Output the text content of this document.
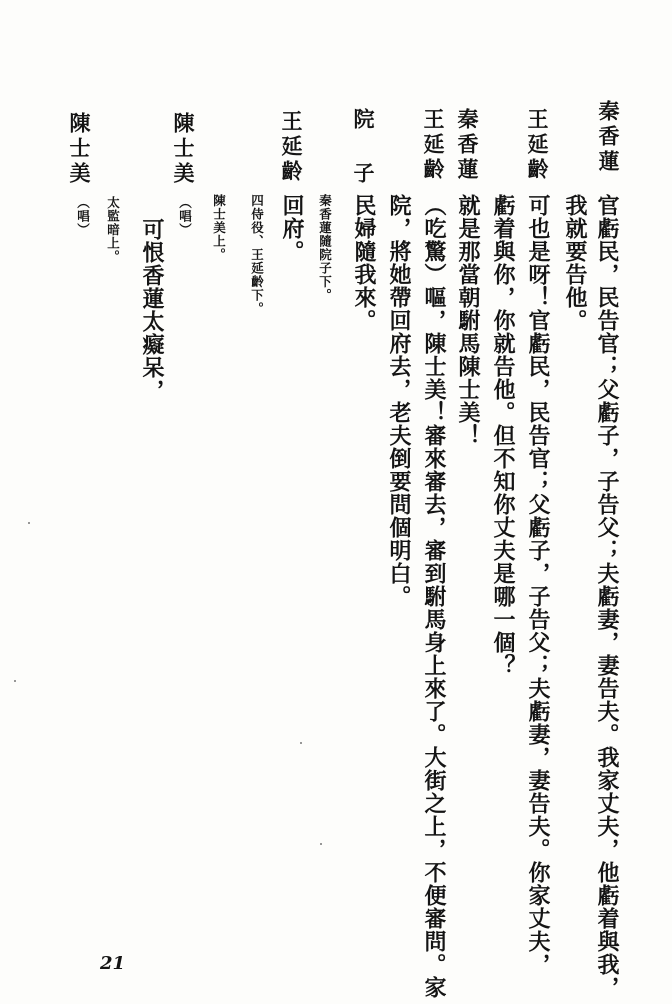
秦香蓮
官虧民，民告官；父虧子，子告父；夫虧妻，妻告夫。我家丈夫，他虧着與我，
我就要告他。
王延齡
可也是呀！官虧民，民告官；父虧子，子告父；夫虧妻，妻告夫。你家丈夫，
虧着與你，你就告他。但不知你丈夫是哪一個？
秦香蓮
就是那當朝駙馬陳士美！
王延齡
（吃驚）嘔，陳士美！審來審去，審到駙馬身上來了。大街之上，不便審問。家
院，將她帶回府去，老夫倒要問個明白。
院　子
民婦隨我來。
秦香蓮隨院子下。
王延齡
回府。
四侍役、王延齡下。
陳士美上。
陳士美
（唱）
可恨香蓮太癡呆，
太監暗上。
陳士美
（唱）
21
